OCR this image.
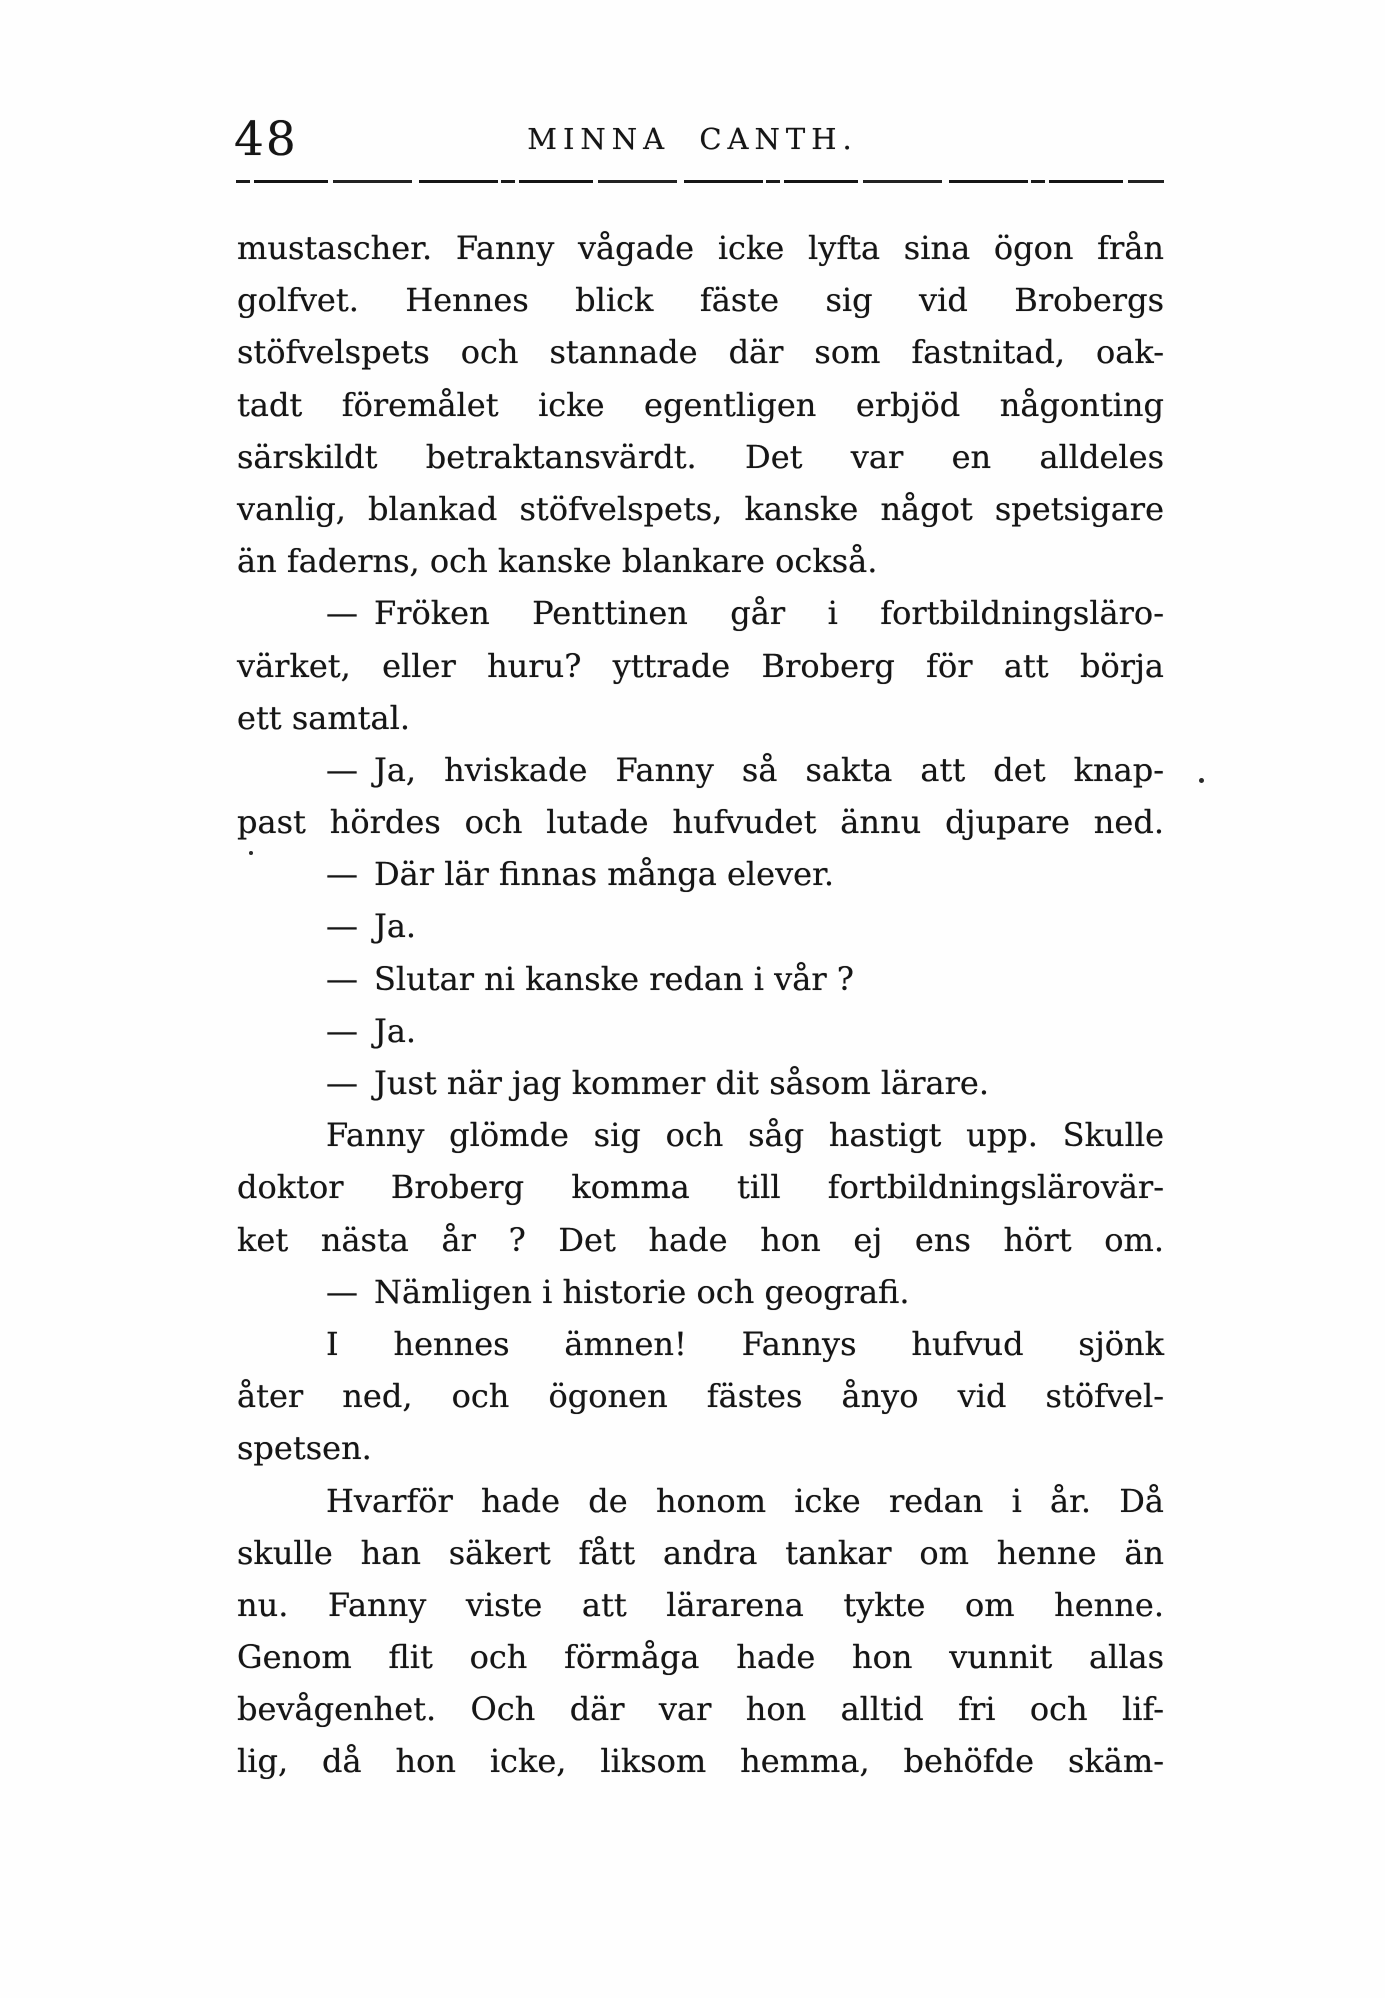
48	MINNA CANTH.
mustascher. Fanny vågade icke lyfta sina ögon från
golfvet. Hennes blick fäste sig vid Brobergs
stöfvelspets och stannade där som fastnitad, oak-
tadt föremålet icke egentligen erbjöd någonting
särskildt betraktansvärdt. Det var en alldeles
vanlig, blankad stöfvelspets, kanske något spetsigare
än faderns, och kanske blankare också.
— Fröken Penttinen går i fortbildningsläro-
värket, eller huru? yttrade Broberg för att börja
ett samtal.
— Ja, hviskade Fanny så sakta att det knap-
past hördes och lutade hufvudet ännu djupare ned.
— Där lär finnas många elever.
— Ja.
— Slutar ni kanske redan i vår ?
— Ja.
— Just när jag kommer dit såsom lärare.
Fanny glömde sig och såg hastigt upp. Skulle
doktor Broberg komma till fortbildningslärovär-
ket nästa år ? Det hade hon ej ens hört om.
— Nämligen i historie och geografi.
I hennes ämnen! Fannys hufvud sjönk
åter ned, och ögonen fästes ånyo vid stöfvel-
spetsen.
Hvarför hade de honom icke redan i år. Då
skulle han säkert fått andra tankar om henne än
nu. Fanny viste att lärarena tykte om henne.
Genom flit och förmåga hade hon vunnit allas
bevågenhet. Och där var hon alltid fri och lif-
lig, då hon icke, liksom hemma, behöfde skäm-
